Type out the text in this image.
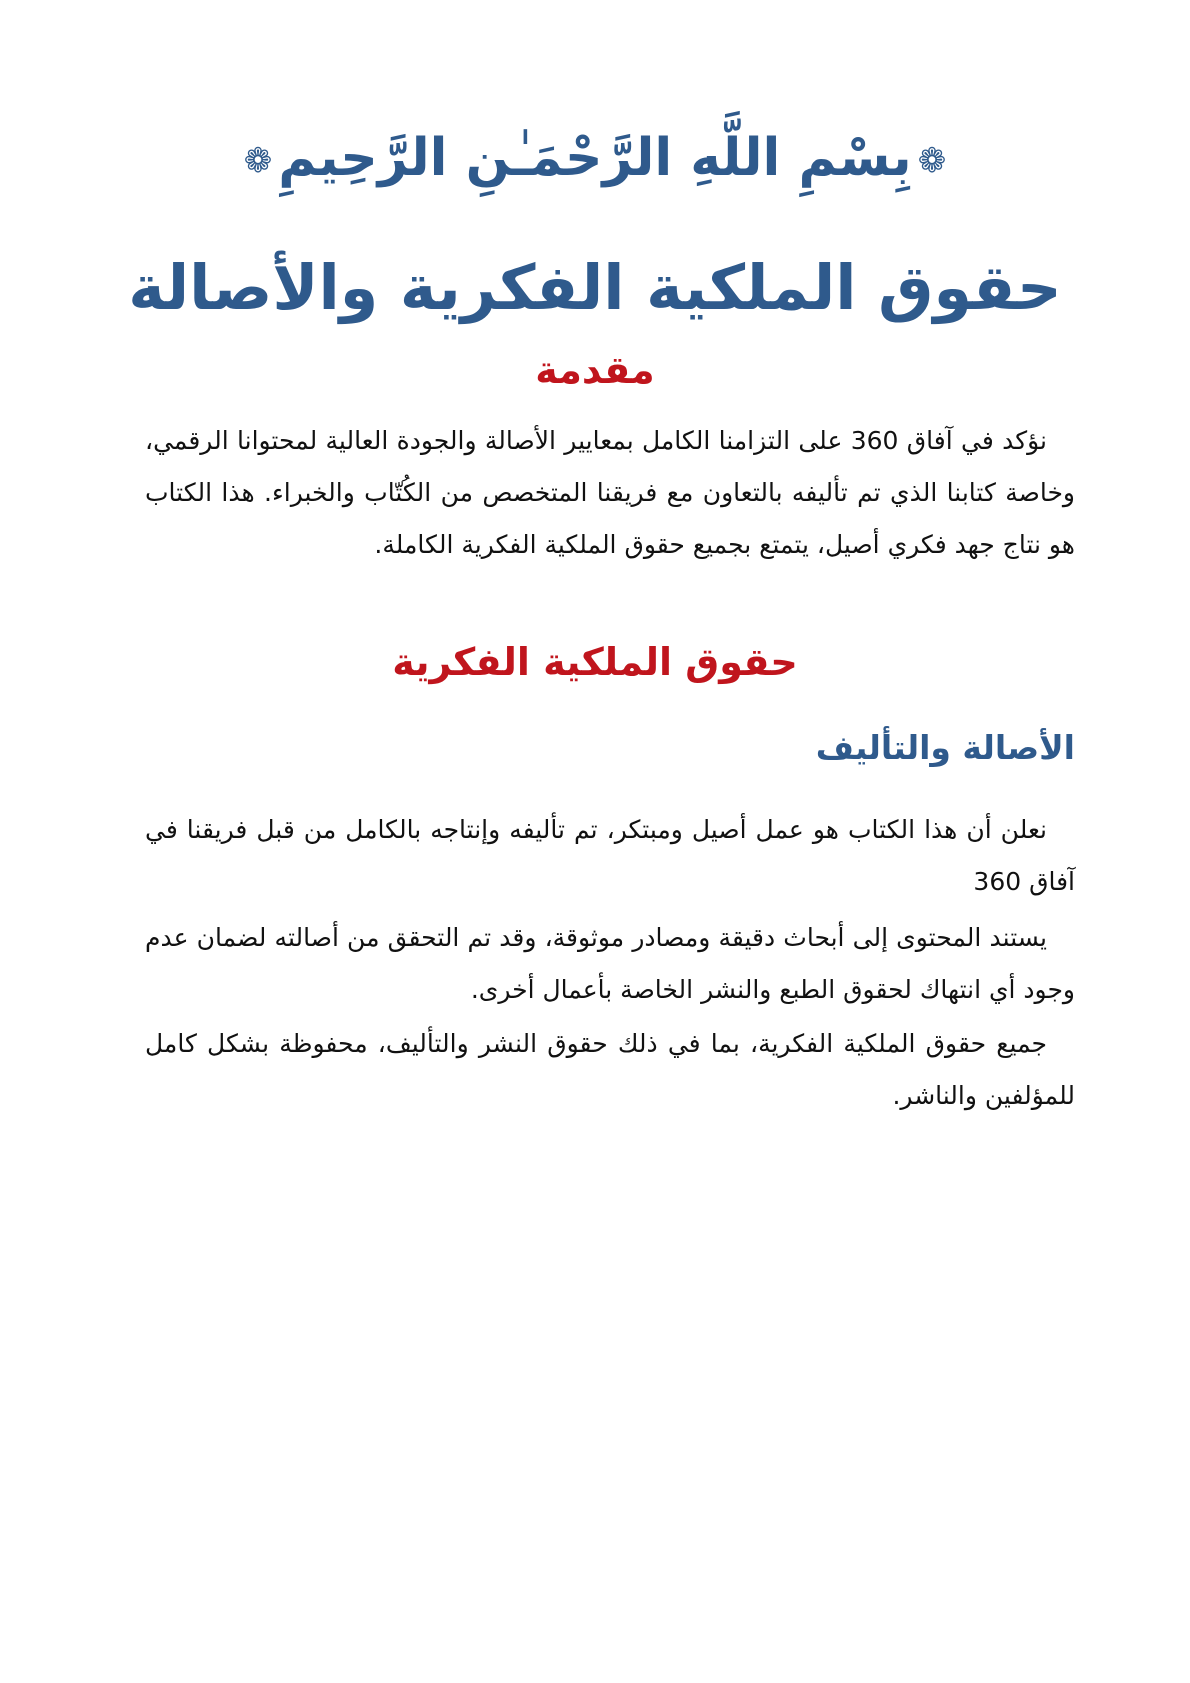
❁بِسْمِ اللَّهِ الرَّحْمَـٰنِ الرَّحِيمِ❁
حقوق الملكية الفكرية والأصالة
مقدمة

نؤكد في آفاق 360 على التزامنا الكامل بمعايير الأصالة والجودة العالية لمحتوانا الرقمي، وخاصة كتابنا الذي تم تأليفه بالتعاون مع فريقنا المتخصص من الكُتّاب والخبراء. هذا الكتاب هو نتاج جهد فكري أصيل، يتمتع بجميع حقوق الملكية الفكرية الكاملة.

حقوق الملكية الفكرية
الأصالة والتأليف

نعلن أن هذا الكتاب هو عمل أصيل ومبتكر، تم تأليفه وإنتاجه بالكامل من قبل فريقنا في آفاق 360

يستند المحتوى إلى أبحاث دقيقة ومصادر موثوقة، وقد تم التحقق من أصالته لضمان عدم وجود أي انتهاك لحقوق الطبع والنشر الخاصة بأعمال أخرى.

جميع حقوق الملكية الفكرية، بما في ذلك حقوق النشر والتأليف، محفوظة بشكل كامل للمؤلفين والناشر.
